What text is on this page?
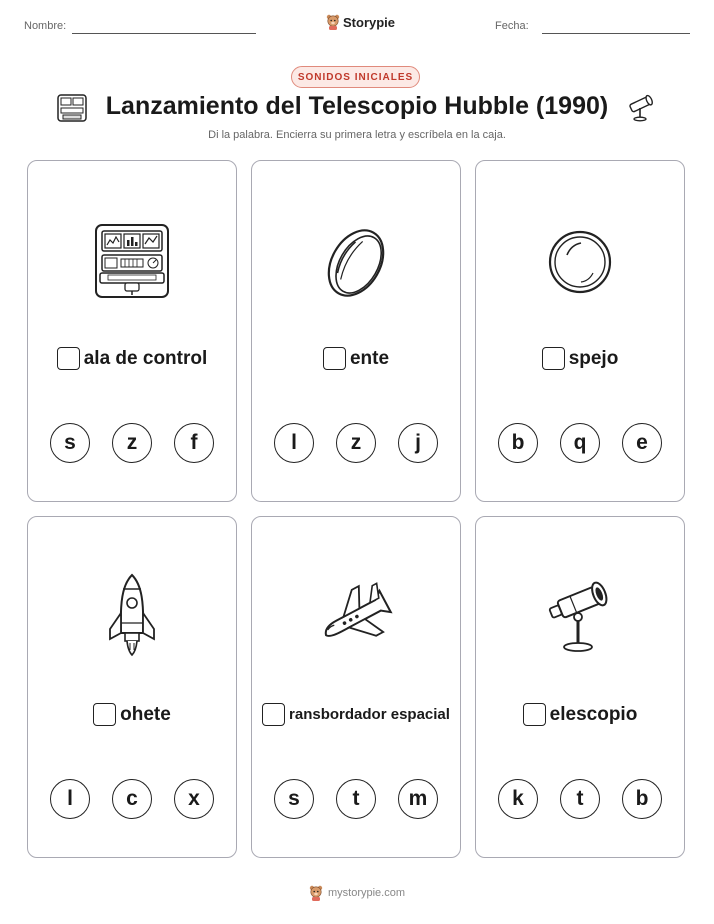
Nombre:	Storypie	Fecha:
SONIDOS INICIALES
Lanzamiento del Telescopio Hubble (1990)
Di la palabra. Encierra su primera letra y escríbela en la caja.
ala de control
s	z	f
ente
l	z	j
spejo
b	q	e
ohete
l	c	x
ransbordador espacial
s	t	m
elescopio
k	t	b
mystorypie.com
